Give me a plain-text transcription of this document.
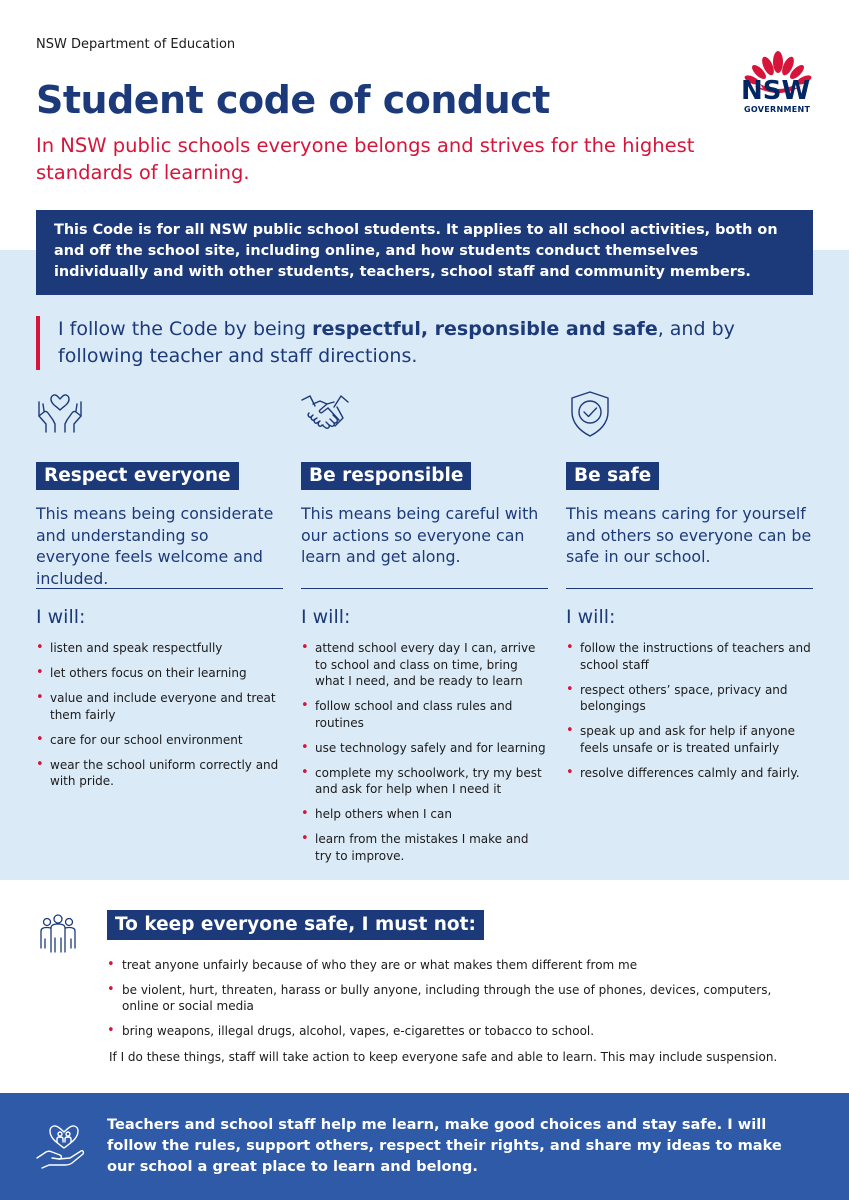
NSW Department of Education
Student code of conduct

In NSW public schools everyone belongs and strives for the highest standards of learning.

NSW
GOVERNMENT
This Code is for all NSW public school students. It applies to all school activities, both on and off the school site, including online, and how students conduct themselves individually and with other students, teachers, school staff and community members.

I follow the Code by being respectful, responsible and safe, and by following teacher and staff directions.

Respect everyone

This means being considerate and understanding so everyone feels welcome and included.

I will:
• listen and speak respectfully
• let others focus on their learning
• value and include everyone and treat them fairly
• care for our school environment
• wear the school uniform correctly and with pride.
Be responsible

This means being careful with our actions so everyone can learn and get along.

I will:
• attend school every day I can, arrive to school and class on time, bring what I need, and be ready to learn
• follow school and class rules and routines
• use technology safely and for learning
• complete my schoolwork, try my best and ask for help when I need it
• help others when I can
• learn from the mistakes I make and try to improve.
Be safe

This means caring for yourself and others so everyone can be safe in our school.

I will:
• follow the instructions of teachers and school staff
• respect others’ space, privacy and belongings
• speak up and ask for help if anyone feels unsafe or is treated unfairly
• resolve differences calmly and fairly.
To keep everyone safe, I must not:
• treat anyone unfairly because of who they are or what makes them different from me
• be violent, hurt, threaten, harass or bully anyone, including through the use of phones, devices, computers, online or social media
• bring weapons, illegal drugs, alcohol, vapes, e-cigarettes or tobacco to school.

If I do these things, staff will take action to keep everyone safe and able to learn. This may include suspension.

Teachers and school staff help me learn, make good choices and stay safe. I will follow the rules, support others, respect their rights, and share my ideas to make our school a great place to learn and belong.
